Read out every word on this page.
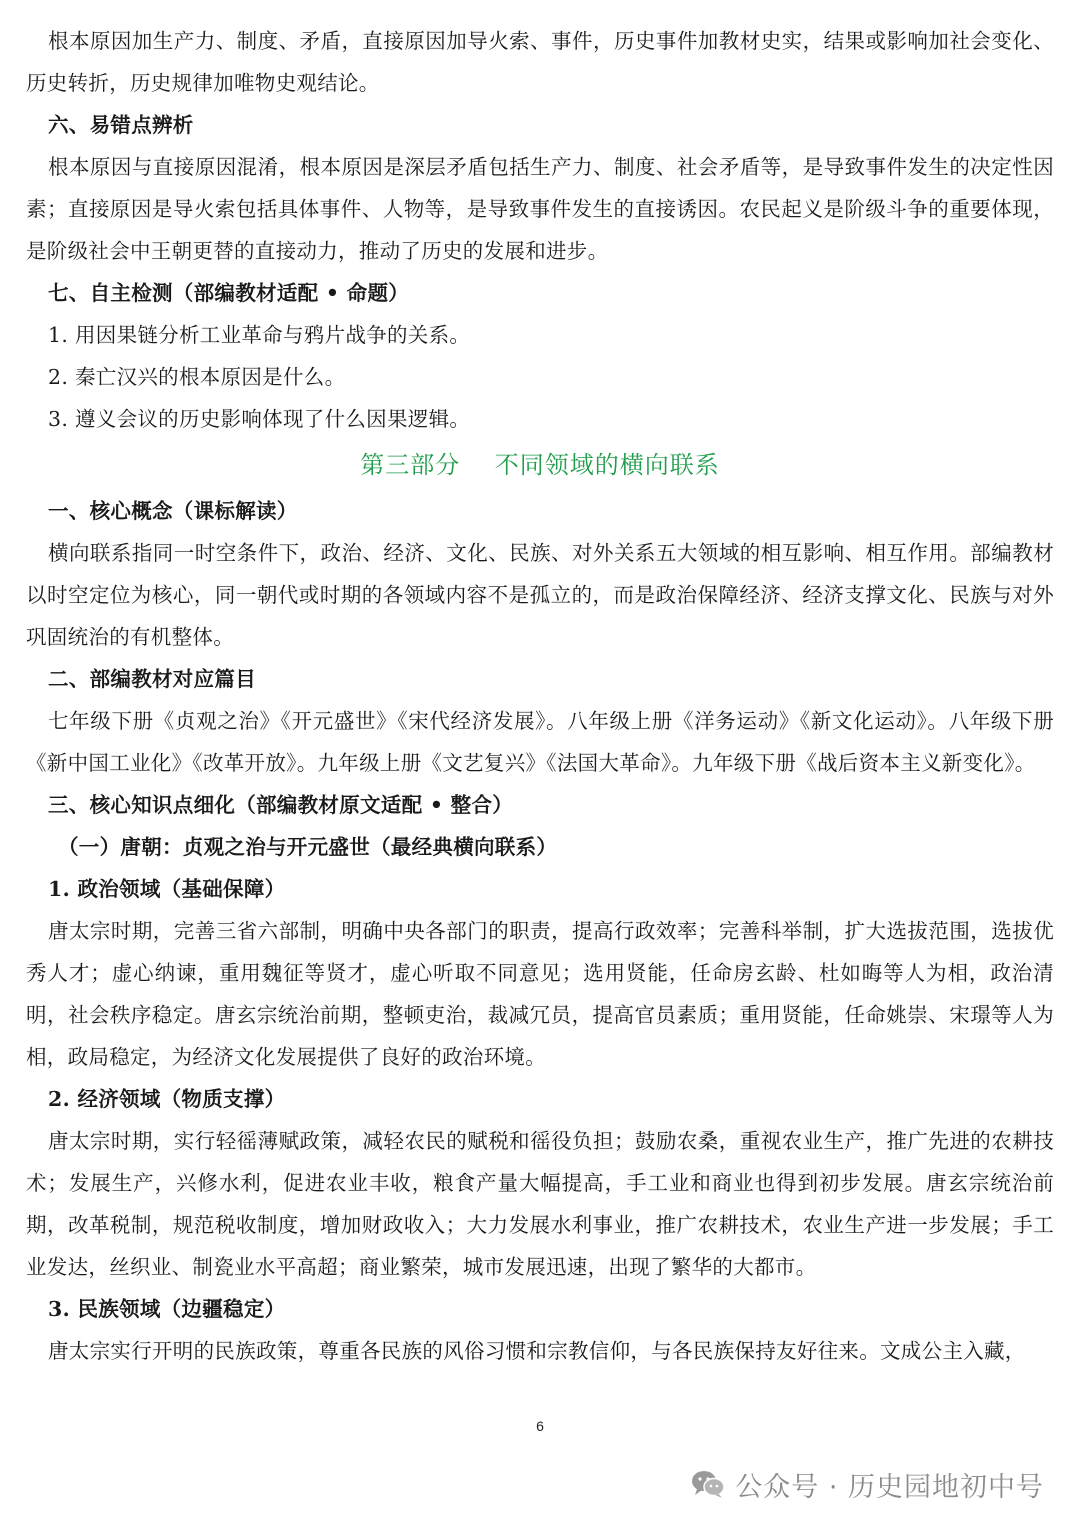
根本原因加生产力、制度、矛盾，直接原因加导火索、事件，历史事件加教材史实，结果或影响加社会变化、历史转折，历史规律加唯物史观结论。

六、易错点辨析

根本原因与直接原因混淆，根本原因是深层矛盾包括生产力、制度、社会矛盾等，是导致事件发生的决定性因素；直接原因是导火索包括具体事件、人物等，是导致事件发生的直接诱因。农民起义是阶级斗争的重要体现，是阶级社会中王朝更替的直接动力，推动了历史的发展和进步。

七、自主检测（部编教材适配 • 命题）

1. 用因果链分析工业革命与鸦片战争的关系。

2. 秦亡汉兴的根本原因是什么。

3. 遵义会议的历史影响体现了什么因果逻辑。

第三部分    不同领域的横向联系

一、核心概念（课标解读）

横向联系指同一时空条件下，政治、经济、文化、民族、对外关系五大领域的相互影响、相互作用。部编教材以时空定位为核心，同一朝代或时期的各领域内容不是孤立的，而是政治保障经济、经济支撑文化、民族与对外巩固统治的有机整体。

二、部编教材对应篇目

七年级下册《贞观之治》《开元盛世》《宋代经济发展》。八年级上册《洋务运动》《新文化运动》。八年级下册《新中国工业化》《改革开放》。九年级上册《文艺复兴》《法国大革命》。九年级下册《战后资本主义新变化》。

三、核心知识点细化（部编教材原文适配 • 整合）

（一）唐朝：贞观之治与开元盛世（最经典横向联系）

1. 政治领域（基础保障）

唐太宗时期，完善三省六部制，明确中央各部门的职责，提高行政效率；完善科举制，扩大选拔范围，选拔优秀人才；虚心纳谏，重用魏征等贤才，虚心听取不同意见；选用贤能，任命房玄龄、杜如晦等人为相，政治清明，社会秩序稳定。唐玄宗统治前期，整顿吏治，裁减冗员，提高官员素质；重用贤能，任命姚崇、宋璟等人为相，政局稳定，为经济文化发展提供了良好的政治环境。

2. 经济领域（物质支撑）

唐太宗时期，实行轻徭薄赋政策，减轻农民的赋税和徭役负担；鼓励农桑，重视农业生产，推广先进的农耕技术；发展生产，兴修水利，促进农业丰收，粮食产量大幅提高，手工业和商业也得到初步发展。唐玄宗统治前期，改革税制，规范税收制度，增加财政收入；大力发展水利事业，推广农耕技术，农业生产进一步发展；手工业发达，丝织业、制瓷业水平高超；商业繁荣，城市发展迅速，出现了繁华的大都市。

3. 民族领域（边疆稳定）

唐太宗实行开明的民族政策，尊重各民族的风俗习惯和宗教信仰，与各民族保持友好往来。文成公主入藏，

6
公众号 · 历史园地初中号
